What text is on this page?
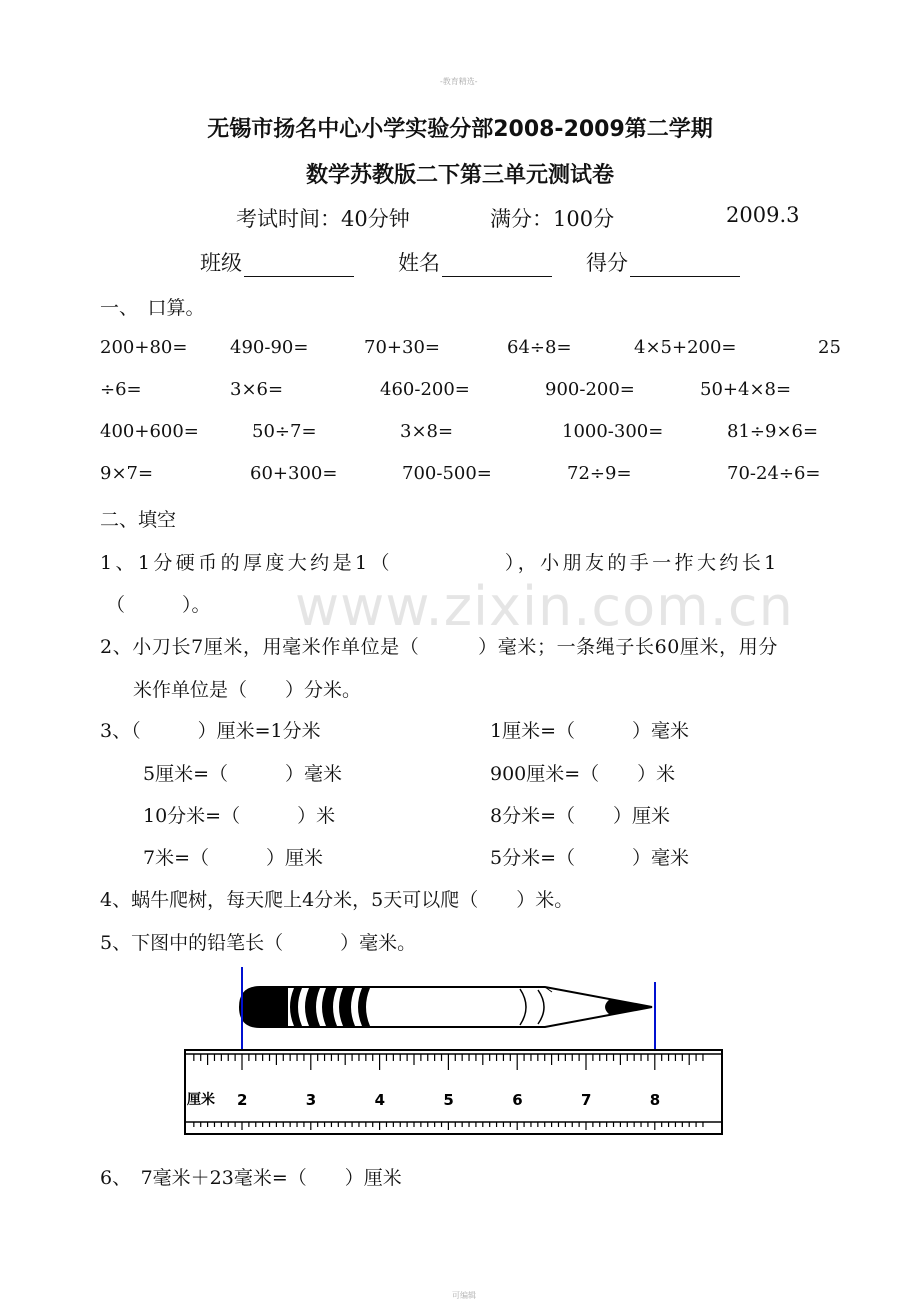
-教育精选-
www.zixin.com.cn
无锡市扬名中心小学实验分部2008-2009第二学期
数学苏教版二下第三单元测试卷
考试时间：40分钟	满分：100分	2009.3
班级	姓名	得分
一、　口算。
200+80= 490-90=	70+30=	64÷8=	4×5+200=	25
÷6=	3×6=	460-200=	900-200=	50+4×8=
400+600=	50÷7=	3×8=	1000-300=	81÷9×6=
9×7=	60+300=	700-500=	72÷9=	70-24÷6=
二、填空
1、1分硬币的厚度大约是1（　　　　　），小朋友的手一拃大约长1
（　　　）。
2、小刀长7厘米，用毫米作单位是（　　　）毫米；一条绳子长60厘米，用分
米作单位是（　　）分米。
3、（　　　）厘米=1分米	1厘米=（　　　）毫米
5厘米=（　　　）毫米	900厘米=（　　）米
10分米=（　　　）米	8分米=（　　）厘米
7米=（　　　）厘米	5分米=（　　　）毫米
4、蜗牛爬树，每天爬上4分米，5天可以爬（　　）米。
5、下图中的铅笔长（　　　）毫米。
2	3	4	5	6	7	8
厘米
6、　7毫米＋23毫米=（　　）厘米
可编辑
